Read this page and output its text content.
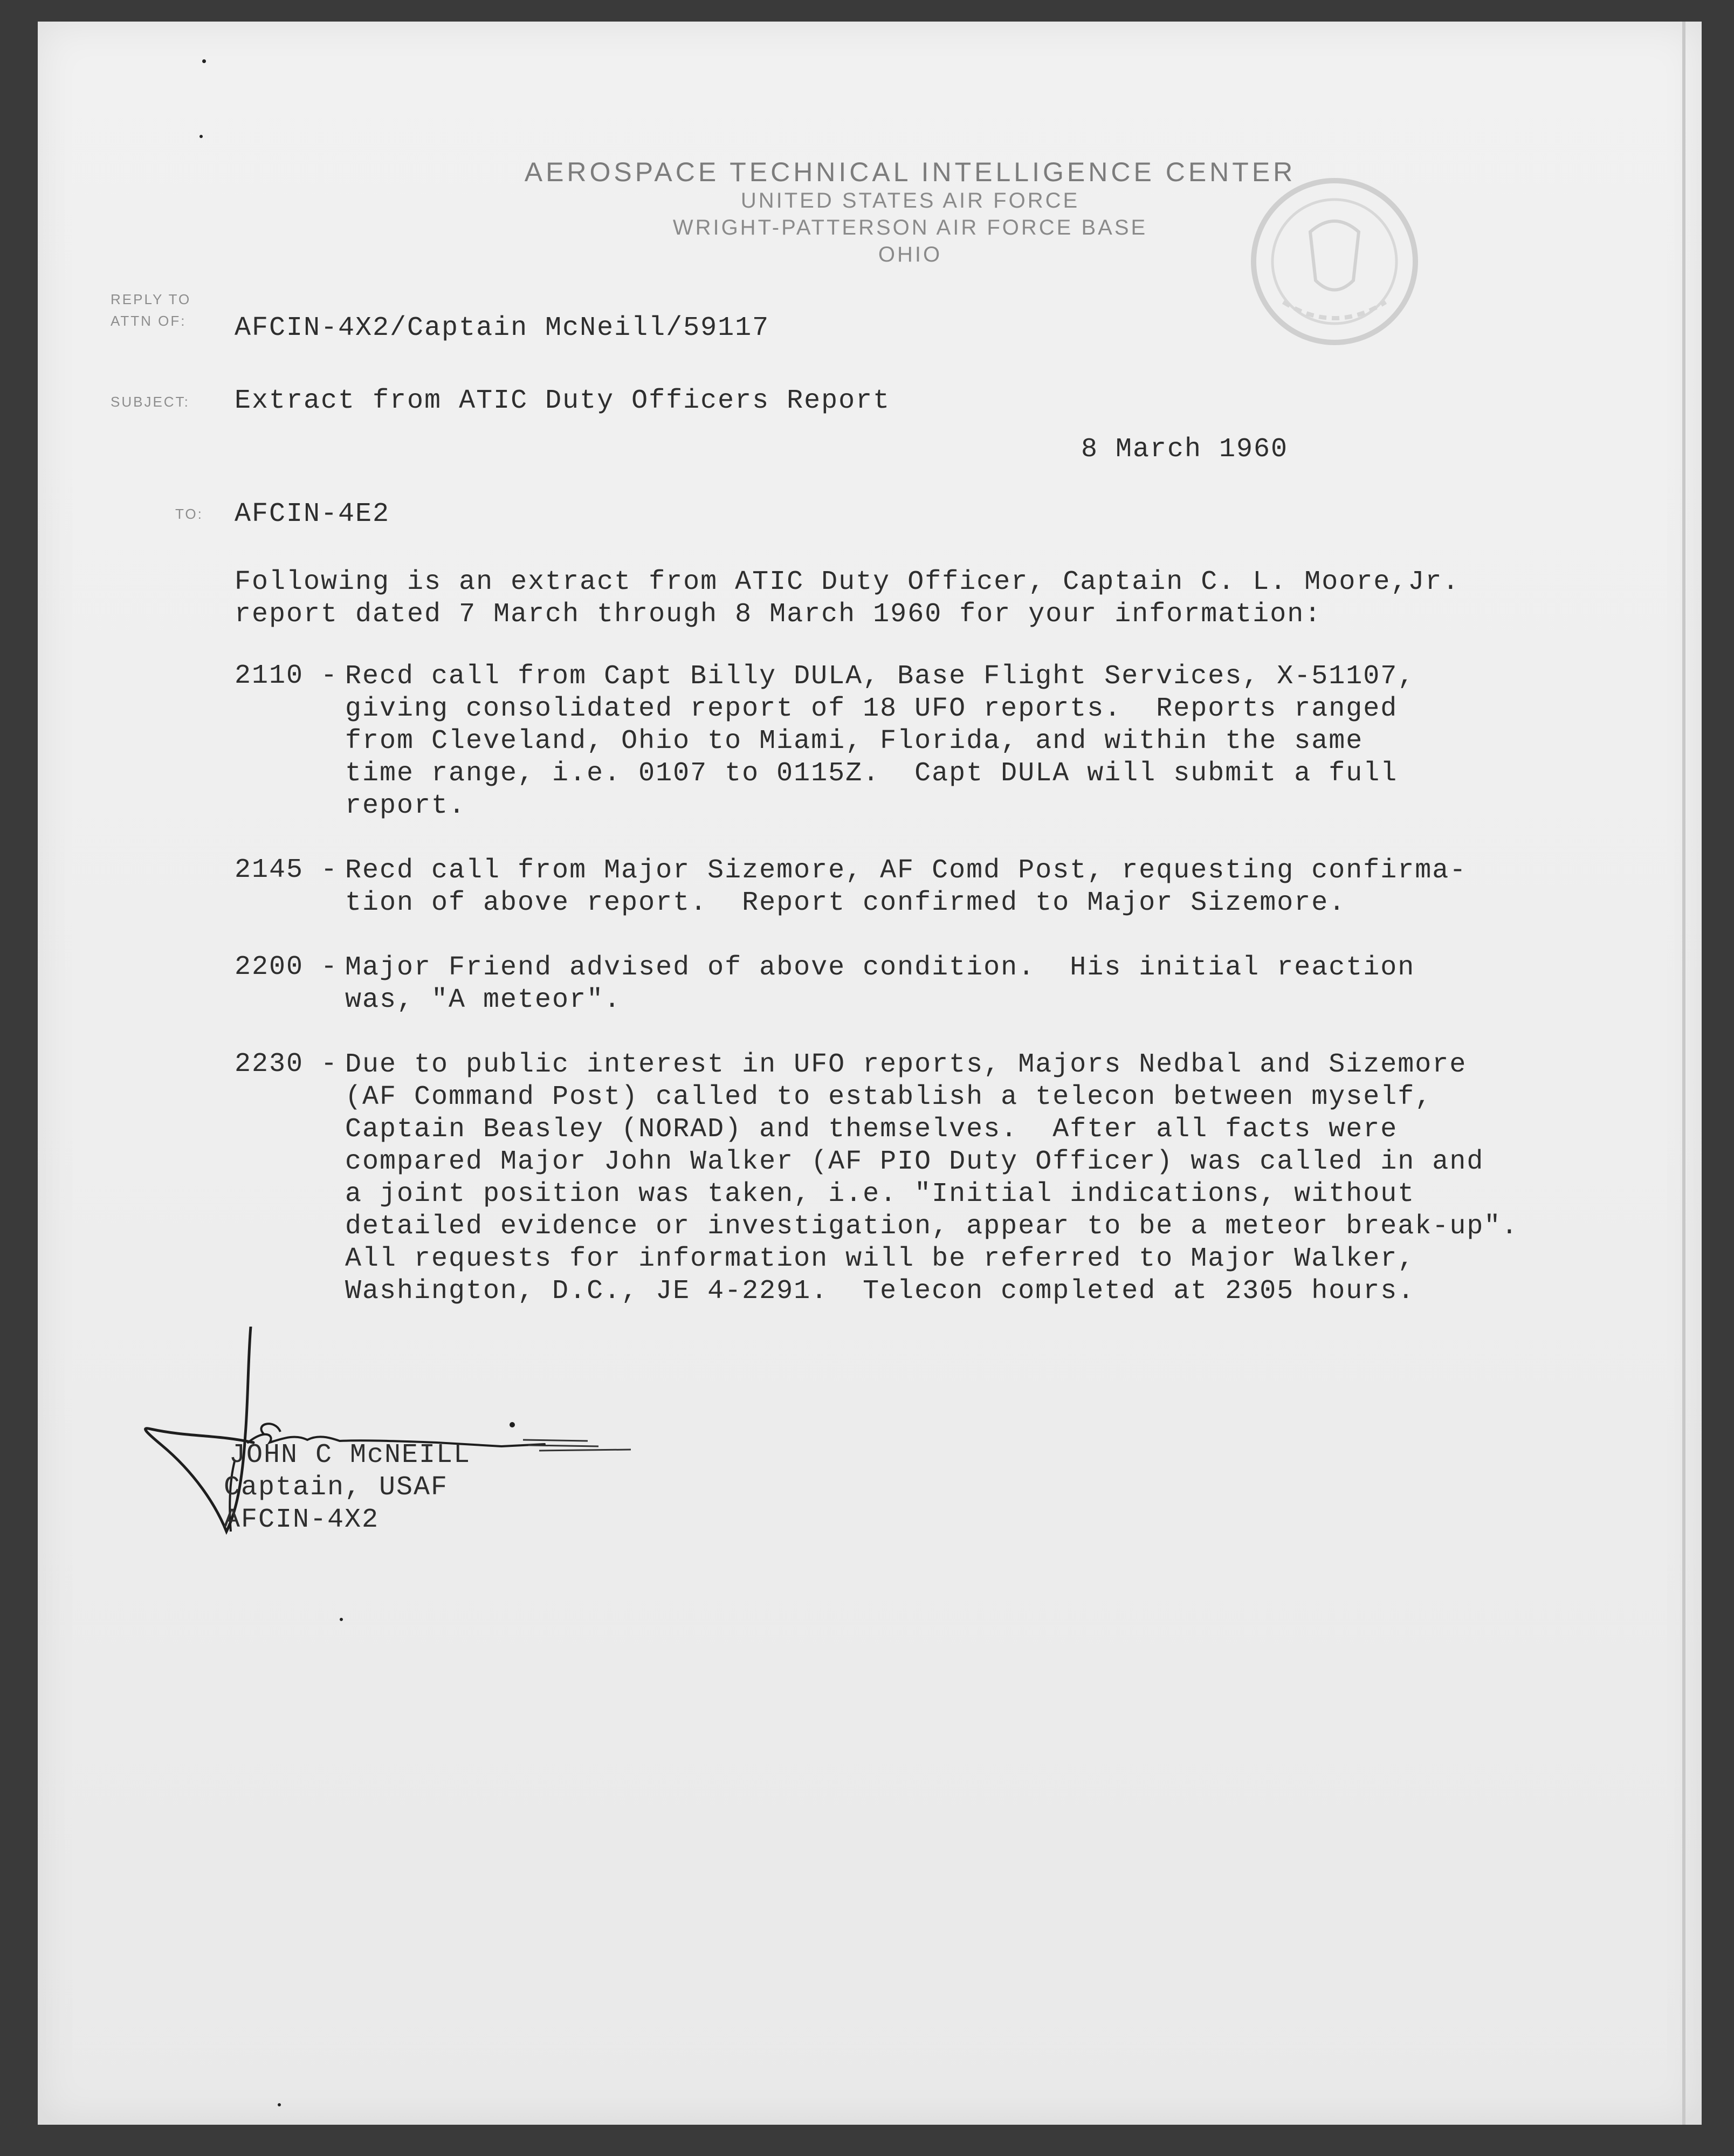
AEROSPACE TECHNICAL INTELLIGENCE CENTER
UNITED STATES AIR FORCE
WRIGHT-PATTERSON AIR FORCE BASE
OHIO
REPLY TO
ATTN OF: AFCIN-4X2/Captain McNeill/59117
SUBJECT: Extract from ATIC Duty Officers Report
8 March 1960
TO: AFCIN-4E2
Following is an extract from ATIC Duty Officer, Captain C. L. Moore,Jr.
report dated 7 March through 8 March 1960 for your information:
2110 - Recd call from Capt Billy DULA, Base Flight Services, X-51107,
giving consolidated report of 18 UFO reports.  Reports ranged
from Cleveland, Ohio to Miami, Florida, and within the same
time range, i.e. 0107 to 0115Z.  Capt DULA will submit a full
report.
2145 - Recd call from Major Sizemore, AF Comd Post, requesting confirma-
tion of above report.  Report confirmed to Major Sizemore.
2200 - Major Friend advised of above condition.  His initial reaction
was, "A meteor".
2230 - Due to public interest in UFO reports, Majors Nedbal and Sizemore
(AF Command Post) called to establish a telecon between myself,
Captain Beasley (NORAD) and themselves.  After all facts were
compared Major John Walker (AF PIO Duty Officer) was called in and
a joint position was taken, i.e. "Initial indications, without
detailed evidence or investigation, appear to be a meteor break-up".
All requests for information will be referred to Major Walker,
Washington, D.C., JE 4-2291.  Telecon completed at 2305 hours.
JOHN C McNEILL
Captain, USAF
AFCIN-4X2
